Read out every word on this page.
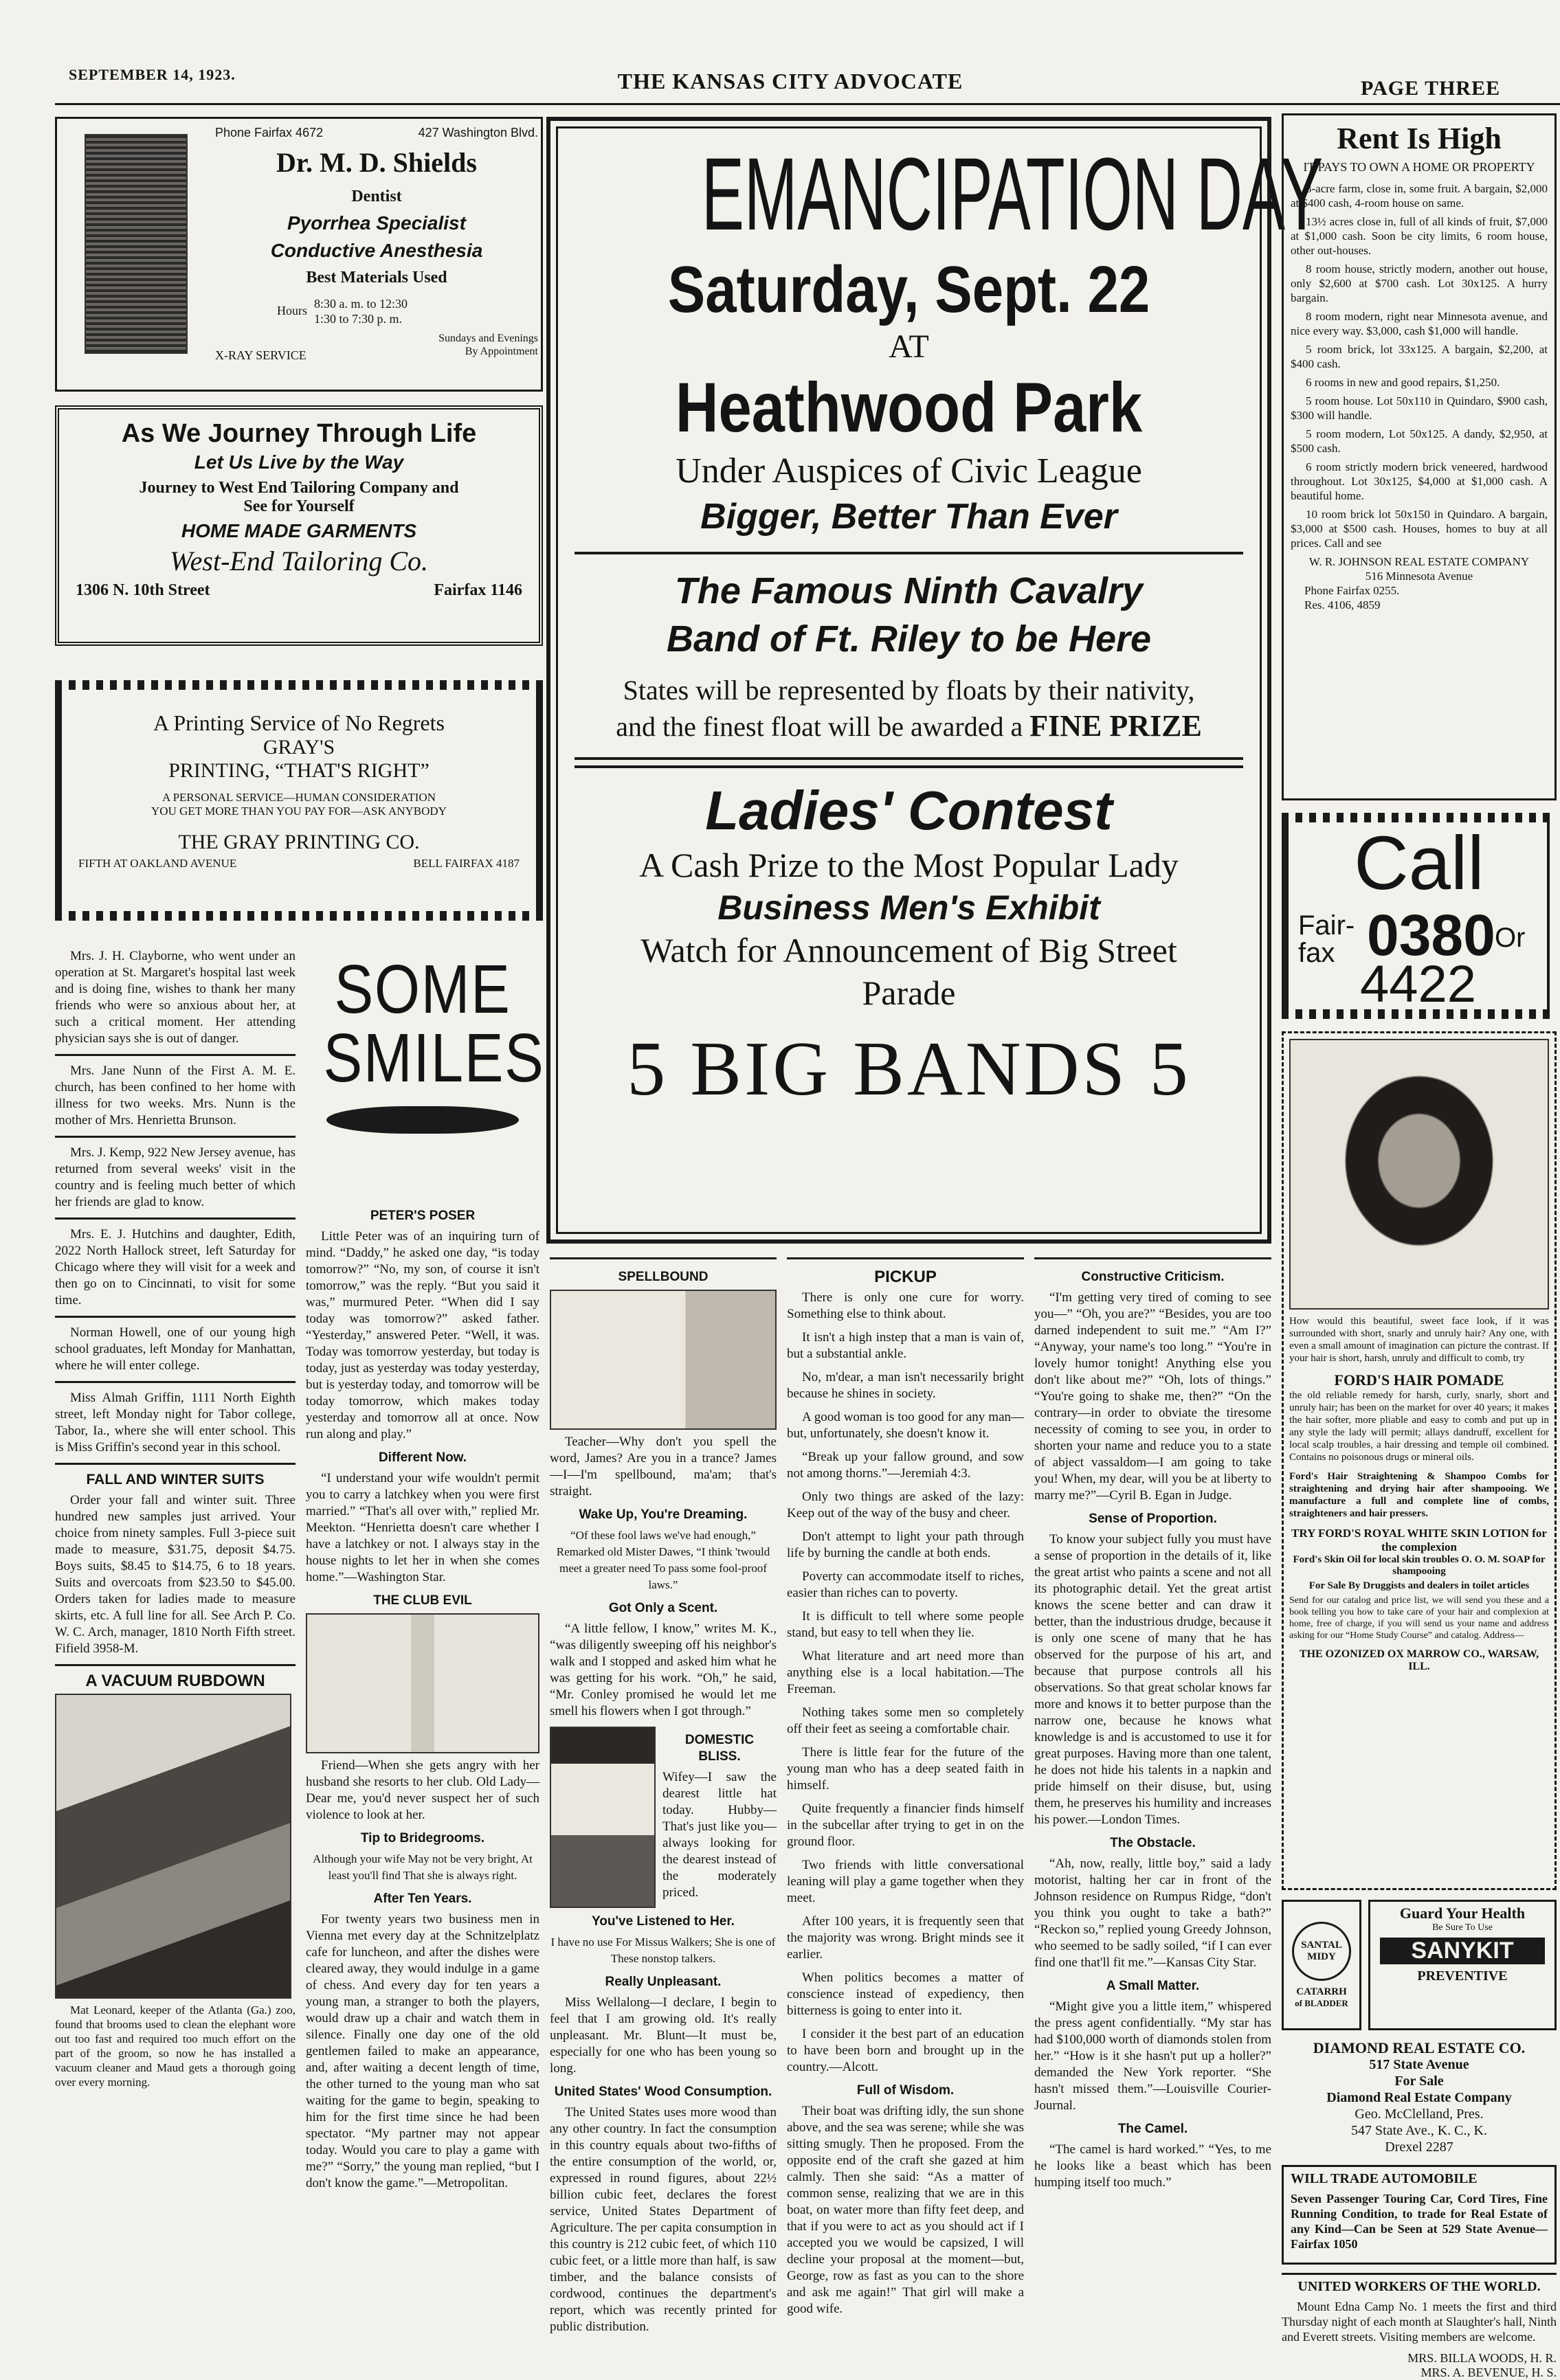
SEPTEMBER 14, 1923.	THE KANSAS CITY ADVOCATE	PAGE THREE
Phone Fairfax 4672	427 Washington Blvd.
Dr. M. D. Shields
Dentist
Pyorrhea Specialist
Conductive Anesthesia
Best Materials Used
Hours 8:30 a. m. to 12:30
1:30 to 7:30 p. m.
Sundays and Evenings
By Appointment
X-RAY SERVICE
As We Journey Through Life
Let Us Live by the Way
Journey to West End Tailoring Company and
See for Yourself
HOME MADE GARMENTS
West-End Tailoring Co.
1306 N. 10th Street	Fairfax 1146
A Printing Service of No Regrets
GRAY'S
PRINTING, “THAT'S RIGHT”
A PERSONAL SERVICE—HUMAN CONSIDERATION
YOU GET MORE THAN YOU PAY FOR—ASK ANYBODY
THE GRAY PRINTING CO.
FIFTH AT OAKLAND AVENUE	BELL FAIRFAX 4187

Mrs. J. H. Clayborne, who went under an operation at St. Margaret's hospital last week and is doing fine, wishes to thank her many friends who were so anxious about her, at such a critical moment. Her attending physician says she is out of danger.

Mrs. Jane Nunn of the First A. M. E. church, has been confined to her home with illness for two weeks. Mrs. Nunn is the mother of Mrs. Henrietta Brunson.

Mrs. J. Kemp, 922 New Jersey avenue, has returned from several weeks' visit in the country and is feeling much better of which her friends are glad to know.

Mrs. E. J. Hutchins and daughter, Edith, 2022 North Hallock street, left Saturday for Chicago where they will visit for a week and then go on to Cincinnati, to visit for some time.

Norman Howell, one of our young high school graduates, left Monday for Manhattan, where he will enter college.

Miss Almah Griffin, 1111 North Eighth street, left Monday night for Tabor college, Tabor, Ia., where she will enter school. This is Miss Griffin's second year in this school.

FALL AND WINTER SUITS

Order your fall and winter suit. Three hundred new samples just arrived. Your choice from ninety samples. Full 3-piece suit made to measure, $31.75, deposit $4.75. Boys suits, $8.45 to $14.75, 6 to 18 years. Suits and overcoats from $23.50 to $45.00. Orders taken for ladies made to measure skirts, etc. A full line for all. See Arch P. Co. W. C. Arch, manager, 1810 North Fifth street. Fifield 3958-M.

A VACUUM RUBDOWN

Mat Leonard, keeper of the Atlanta (Ga.) zoo, found that brooms used to clean the elephant wore out too fast and required too much effort on the part of the groom, so now he has installed a vacuum cleaner and Maud gets a thorough going over every morning.

SOME
SMILES
PETER'S POSER

Little Peter was of an inquiring turn of mind. “Daddy,” he asked one day, “is today tomorrow?” “No, my son, of course it isn't tomorrow,” was the reply. “But you said it was,” murmured Peter. “When did I say today was tomorrow?” asked father. “Yesterday,” answered Peter. “Well, it was. Today was tomorrow yesterday, but today is today, just as yesterday was today yesterday, but is yesterday today, and tomorrow will be today tomorrow, which makes today yesterday and tomorrow all at once. Now run along and play.”

Different Now.

“I understand your wife wouldn't permit you to carry a latchkey when you were first married.” “That's all over with,” replied Mr. Meekton. “Henrietta doesn't care whether I have a latchkey or not. I always stay in the house nights to let her in when she comes home.”—Washington Star.

THE CLUB EVIL

Friend—When she gets angry with her husband she resorts to her club. Old Lady—Dear me, you'd never suspect her of such violence to look at her.

Tip to Bridegrooms.

Although your wife May not be very bright, At least you'll find That she is always right.

After Ten Years.

For twenty years two business men in Vienna met every day at the Schnitzelplatz cafe for luncheon, and after the dishes were cleared away, they would indulge in a game of chess. And every day for ten years a young man, a stranger to both the players, would draw up a chair and watch them in silence. Finally one day one of the old gentlemen failed to make an appearance, and, after waiting a decent length of time, the other turned to the young man who sat waiting for the game to begin, speaking to him for the first time since he had been spectator. “My partner may not appear today. Would you care to play a game with me?” “Sorry,” the young man replied, “but I don't know the game.”—Metropolitan.

EMANCIPATION DAY
Saturday, Sept. 22
AT
Heathwood Park
Under Auspices of Civic League
Bigger, Better Than Ever
The Famous Ninth Cavalry
Band of Ft. Riley to be Here
States will be represented by floats by their nativity,
and the finest float will be awarded a FINE PRIZE
Ladies' Contest
A Cash Prize to the Most Popular Lady
Business Men's Exhibit
Watch for Announcement of Big Street
Parade
5 BIG BANDS 5
SPELLBOUND

Teacher—Why don't you spell the word, James? Are you in a trance? James—I—I'm spellbound, ma'am; that's straight.

Wake Up, You're Dreaming.

“Of these fool laws we've had enough,” Remarked old Mister Dawes, “I think 'twould meet a greater need To pass some fool-proof laws.”

Got Only a Scent.

“A little fellow, I know,” writes M. K., “was diligently sweeping off his neighbor's walk and I stopped and asked him what he was getting for his work. “Oh,” he said, “Mr. Conley promised he would let me smell his flowers when I got through.”

DOMESTIC BLISS.

Wifey—I saw the dearest little hat today. Hubby—That's just like you—always looking for the dearest instead of the moderately priced.

You've Listened to Her.

I have no use For Missus Walkers; She is one of These nonstop talkers.

Really Unpleasant.

Miss Wellalong—I declare, I begin to feel that I am growing old. It's really unpleasant. Mr. Blunt—It must be, especially for one who has been young so long.

United States' Wood Consumption.

The United States uses more wood than any other country. In fact the consumption in this country equals about two-fifths of the entire consumption of the world, or, expressed in round figures, about 22½ billion cubic feet, declares the forest service, United States Department of Agriculture. The per capita consumption in this country is 212 cubic feet, of which 110 cubic feet, or a little more than half, is saw timber, and the balance consists of cordwood, continues the department's report, which was recently printed for public distribution.

PICKUP

There is only one cure for worry. Something else to think about.

It isn't a high instep that a man is vain of, but a substantial ankle.

No, m'dear, a man isn't necessarily bright because he shines in society.

A good woman is too good for any man—but, unfortunately, she doesn't know it.

“Break up your fallow ground, and sow not among thorns.”—Jeremiah 4:3.

Only two things are asked of the lazy: Keep out of the way of the busy and cheer.

Don't attempt to light your path through life by burning the candle at both ends.

Poverty can accommodate itself to riches, easier than riches can to poverty.

It is difficult to tell where some people stand, but easy to tell when they lie.

What literature and art need more than anything else is a local habitation.—The Freeman.

Nothing takes some men so completely off their feet as seeing a comfortable chair.

There is little fear for the future of the young man who has a deep seated faith in himself.

Quite frequently a financier finds himself in the subcellar after trying to get in on the ground floor.

Two friends with little conversational leaning will play a game together when they meet.

After 100 years, it is frequently seen that the majority was wrong. Bright minds see it earlier.

When politics becomes a matter of conscience instead of expediency, then bitterness is going to enter into it.

I consider it the best part of an education to have been born and brought up in the country.—Alcott.

Full of Wisdom.

Their boat was drifting idly, the sun shone above, and the sea was serene; while she was sitting smugly. Then he proposed. From the opposite end of the craft she gazed at him calmly. Then she said: “As a matter of common sense, realizing that we are in this boat, on water more than fifty feet deep, and that if you were to act as you should act if I accepted you we would be capsized, I will decline your proposal at the moment—but, George, row as fast as you can to the shore and ask me again!” That girl will make a good wife.

Constructive Criticism.

“I'm getting very tired of coming to see you—” “Oh, you are?” “Besides, you are too darned independent to suit me.” “Am I?” “Anyway, your name's too long.” “You're in lovely humor tonight! Anything else you don't like about me?” “Oh, lots of things.” “You're going to shake me, then?” “On the contrary—in order to obviate the tiresome necessity of coming to see you, in order to shorten your name and reduce you to a state of abject vassaldom—I am going to take you! When, my dear, will you be at liberty to marry me?”—Cyril B. Egan in Judge.

Sense of Proportion.

To know your subject fully you must have a sense of proportion in the details of it, like the great artist who paints a scene and not all its photographic detail. Yet the great artist knows the scene better and can draw it better, than the industrious drudge, because it is only one scene of many that he has observed for the purpose of his art, and because that purpose controls all his observations. So that great scholar knows far more and knows it to better purpose than the narrow one, because he knows what knowledge is and is accustomed to use it for great purposes. Having more than one talent, he does not hide his talents in a napkin and pride himself on their disuse, but, using them, he preserves his humility and increases his power.—London Times.

The Obstacle.

“Ah, now, really, little boy,” said a lady motorist, halting her car in front of the Johnson residence on Rumpus Ridge, “don't you think you ought to take a bath?” “Reckon so,” replied young Greedy Johnson, who seemed to be sadly soiled, “if I can ever find one that'll fit me.”—Kansas City Star.

A Small Matter.

“Might give you a little item,” whispered the press agent confidentially. “My star has had $100,000 worth of diamonds stolen from her.” “How is it she hasn't put up a holler?” demanded the New York reporter. “She hasn't missed them.”—Louisville Courier-Journal.

The Camel.

“The camel is hard worked.” “Yes, to me he looks like a beast which has been humping itself too much.”

Rent Is High
IT PAYS TO OWN A HOME OR PROPERTY

3-acre farm, close in, some fruit. A bargain, $2,000 at $400 cash, 4-room house on same.

13½ acres close in, full of all kinds of fruit, $7,000 at $1,000 cash. Soon be city limits, 6 room house, other out-houses.

8 room house, strictly modern, another out house, only $2,600 at $700 cash. Lot 30x125. A hurry bargain.

8 room modern, right near Minnesota avenue, and nice every way. $3,000, cash $1,000 will handle.

5 room brick, lot 33x125. A bargain, $2,200, at $400 cash.

6 rooms in new and good repairs, $1,250.

5 room house. Lot 50x110 in Quindaro, $900 cash, $300 will handle.

5 room modern, Lot 50x125. A dandy, $2,950, at $500 cash.

6 room strictly modern brick veneered, hardwood throughout. Lot 30x125, $4,000 at $1,000 cash. A beautiful home.

10 room brick lot 50x150 in Quindaro. A bargain, $3,000 at $500 cash. Houses, homes to buy at all prices. Call and see

W. R. JOHNSON REAL ESTATE COMPANY
516 Minnesota Avenue
Phone Fairfax 0255.
Res. 4106, 4859
Call
Fair-
fax 0380 Or
4422

How would this beautiful, sweet face look, if it was surrounded with short, snarly and unruly hair? Any one, with even a small amount of imagination can picture the contrast. If your hair is short, harsh, unruly and difficult to comb, try

FORD'S HAIR POMADE

the old reliable remedy for harsh, curly, snarly, short and unruly hair; has been on the market for over 40 years; it makes the hair softer, more pliable and easy to comb and put up in any style the lady will permit; allays dandruff, excellent for local scalp troubles, a hair dressing and temple oil combined. Contains no poisonous drugs or mineral oils.

Ford's Hair Straightening & Shampoo Combs for straightening and drying hair after shampooing. We manufacture a full and complete line of combs, straighteners and hair pressers.

TRY FORD'S ROYAL WHITE SKIN LOTION for the complexion
Ford's Skin Oil for local skin troubles O. O. M. SOAP for shampooing
For Sale By Druggists and dealers in toilet articles

Send for our catalog and price list, we will send you these and a book telling you how to take care of your hair and complexion at home, free of charge, if you will send us your name and address asking for our “Home Study Course” and catalog. Address—

THE OZONIZED OX MARROW CO., WARSAW, ILL.
SANTAL MIDY
CATARRH
of BLADDER
Guard Your Health
Be Sure To Use
SANYKIT
PREVENTIVE
DIAMOND REAL ESTATE CO.
517 State Avenue
For Sale
Diamond Real Estate Company
Geo. McClelland, Pres.
547 State Ave., K. C., K.
Drexel 2287
WILL TRADE AUTOMOBILE

Seven Passenger Touring Car, Cord Tires, Fine Running Condition, to trade for Real Estate of any Kind—Can be Seen at 529 State Avenue—Fairfax 1050

UNITED WORKERS OF THE WORLD.

Mount Edna Camp No. 1 meets the first and third Thursday night of each month at Slaughter's hall, Ninth and Everett streets. Visiting members are welcome.

MRS. BILLA WOODS, H. R.
MRS. A. BEVENUE, H. S.
